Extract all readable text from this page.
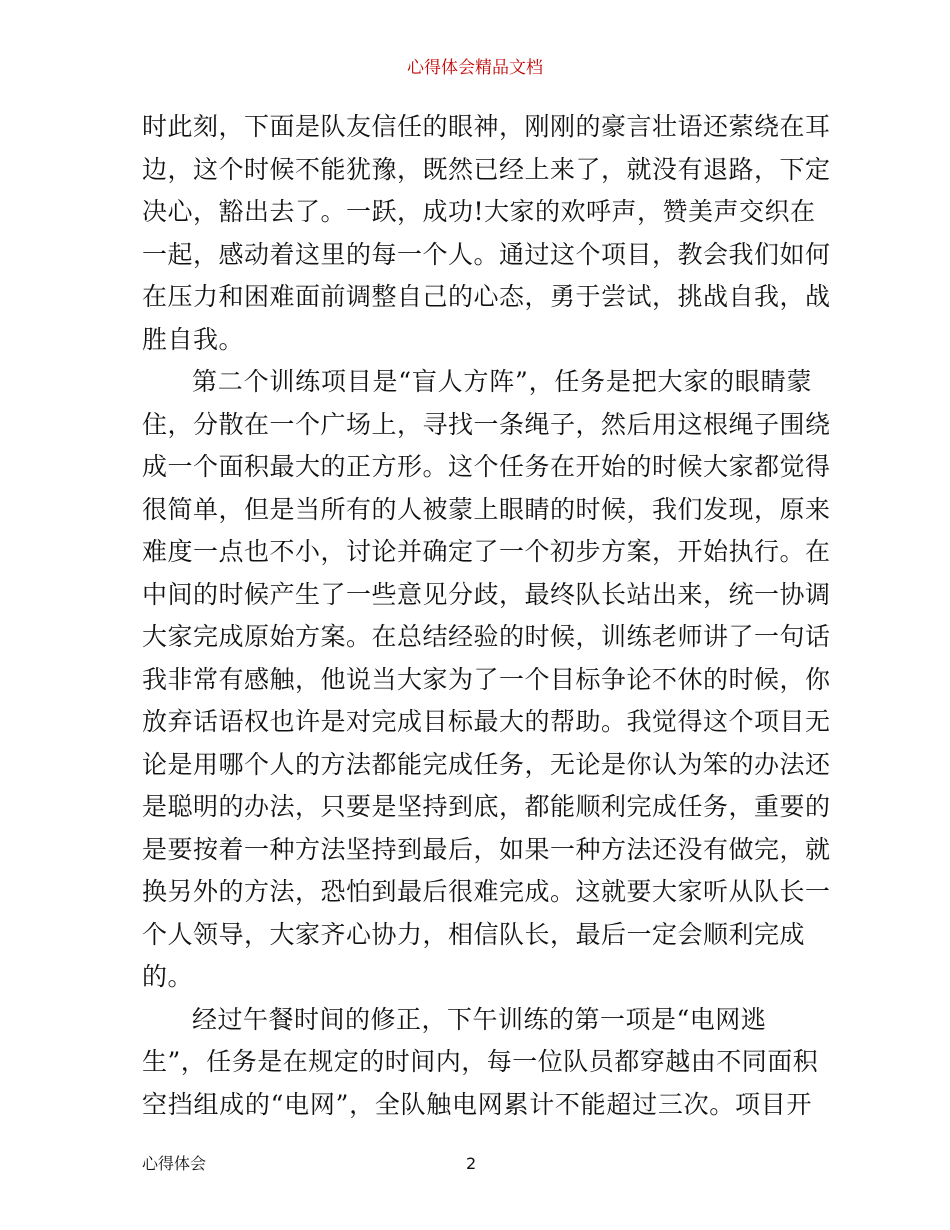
心得体会精品文档
时此刻，下面是队友信任的眼神，刚刚的豪言壮语还萦绕在耳
边，这个时候不能犹豫，既然已经上来了，就没有退路，下定
决心，豁出去了。一跃，成功!大家的欢呼声，赞美声交织在
一起，感动着这里的每一个人。通过这个项目，教会我们如何
在压力和困难面前调整自己的心态，勇于尝试，挑战自我，战
胜自我。
第二个训练项目是“盲人方阵”，任务是把大家的眼睛蒙
住，分散在一个广场上，寻找一条绳子，然后用这根绳子围绕
成一个面积最大的正方形。这个任务在开始的时候大家都觉得
很简单，但是当所有的人被蒙上眼睛的时候，我们发现，原来
难度一点也不小，讨论并确定了一个初步方案，开始执行。在
中间的时候产生了一些意见分歧，最终队长站出来，统一协调
大家完成原始方案。在总结经验的时候，训练老师讲了一句话
我非常有感触，他说当大家为了一个目标争论不休的时候，你
放弃话语权也许是对完成目标最大的帮助。我觉得这个项目无
论是用哪个人的方法都能完成任务，无论是你认为笨的办法还
是聪明的办法，只要是坚持到底，都能顺利完成任务，重要的
是要按着一种方法坚持到最后，如果一种方法还没有做完，就
换另外的方法，恐怕到最后很难完成。这就要大家听从队长一
个人领导，大家齐心协力，相信队长，最后一定会顺利完成
的。
经过午餐时间的修正，下午训练的第一项是“电网逃
生”，任务是在规定的时间内，每一位队员都穿越由不同面积
空挡组成的“电网”，全队触电网累计不能超过三次。项目开
心得体会	2
